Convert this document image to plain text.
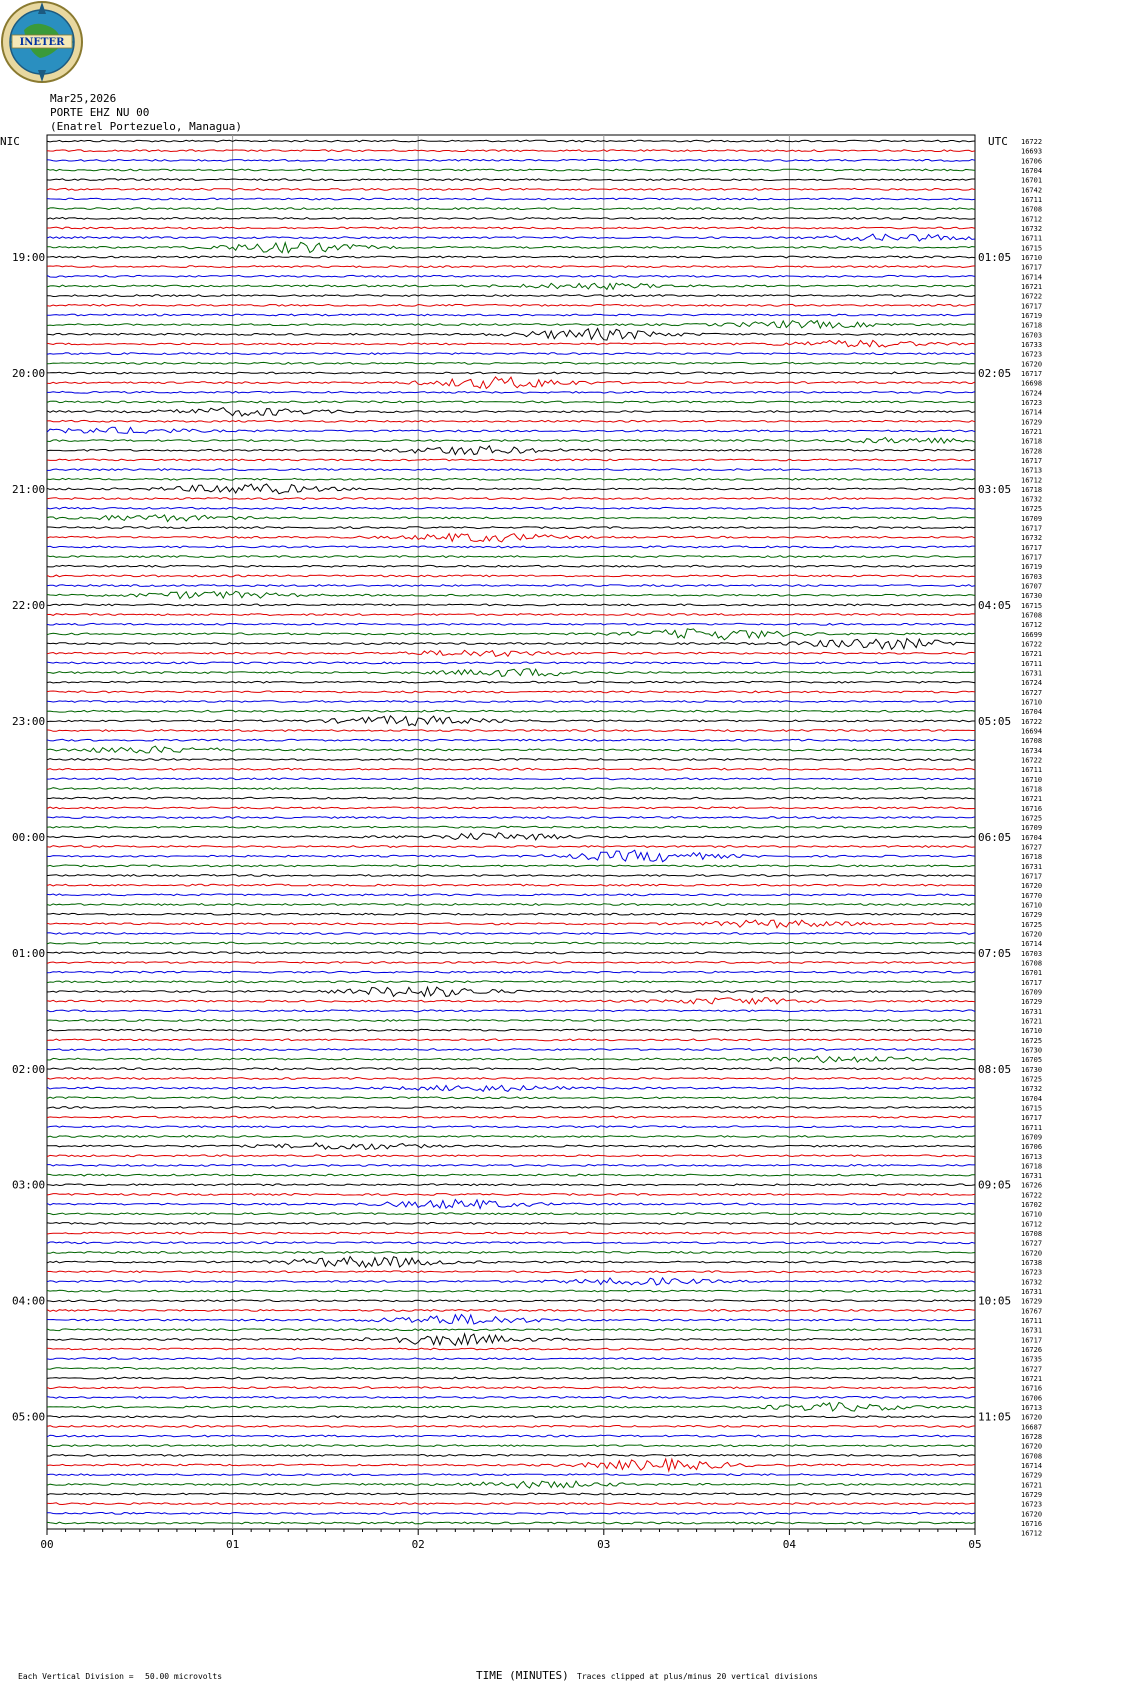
INETER
Mar25,2026
PORTE EHZ NU 00
(Enatrel Portezuelo, Managua)
19:00
20:00
21:00
22:00
23:00
00:00
01:00
02:00
03:00
04:00
05:00
01:05
02:05
03:05
04:05
05:05
06:05
07:05
08:05
09:05
10:05
11:05
16722
16693
16706
16704
16701
16742
16711
16708
16712
16732
16711
16715
16710
16717
16714
16721
16722
16717
16719
16718
16703
16733
16723
16720
16717
16698
16724
16723
16714
16729
16721
16718
16728
16717
16713
16712
16718
16732
16725
16709
16717
16732
16717
16717
16719
16703
16707
16730
16715
16708
16712
16699
16722
16721
16711
16731
16724
16727
16710
16704
16722
16694
16708
16734
16722
16711
16710
16718
16721
16716
16725
16709
16704
16727
16718
16731
16717
16720
16770
16710
16729
16725
16720
16714
16703
16708
16701
16717
16709
16729
16731
16721
16710
16725
16730
16705
16730
16725
16732
16704
16715
16717
16711
16709
16706
16713
16718
16731
16726
16722
16702
16710
16712
16708
16727
16720
16738
16723
16732
16731
16729
16767
16711
16731
16717
16726
16735
16727
16721
16716
16706
16713
16720
16687
16728
16720
16708
16714
16729
16721
16729
16723
16720
16716
16712
00	01	02	03	04	05
NIC	UTC
TIME (MINUTES)
Each Vertical Division = 50.00 microvolts	Traces clipped at plus/minus 20 vertical divisions
